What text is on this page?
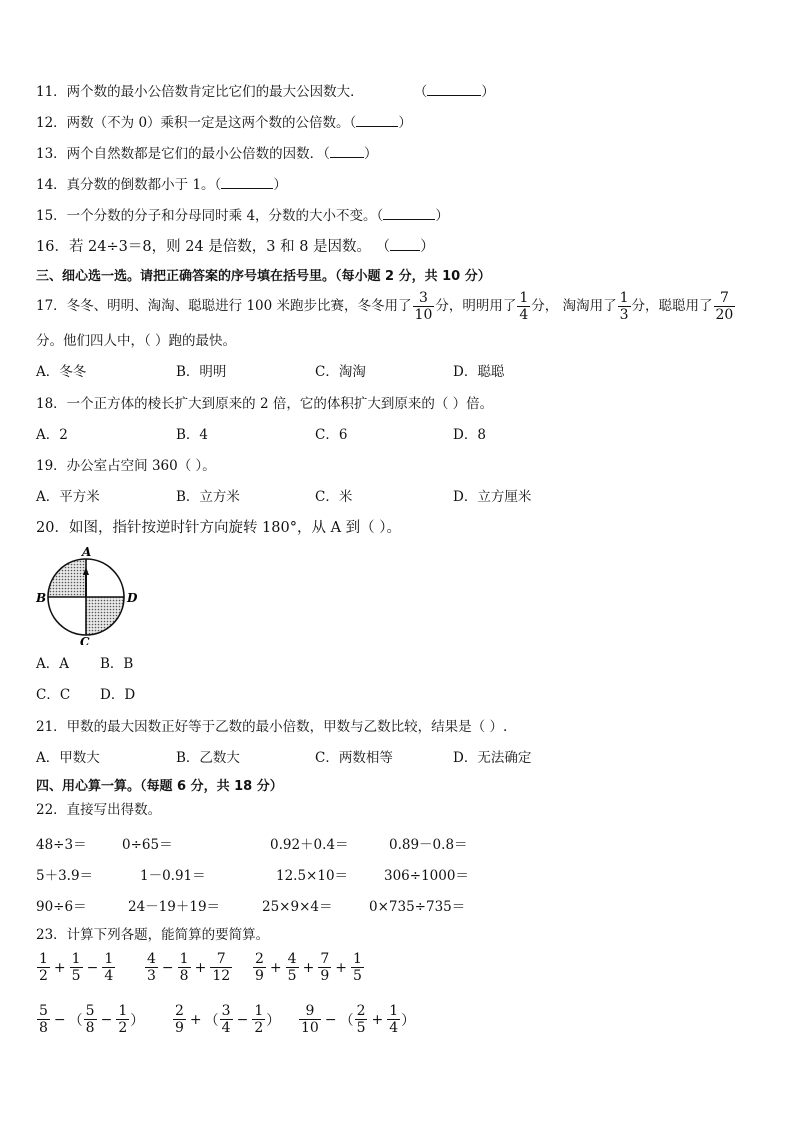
11．两个数的最小公倍数肯定比它们的最大公因数大．	（	）
12．两数（不为 0）乘积一定是这两个数的公倍数。（	）
13．两个自然数都是它们的最小公倍数的因数．（	）
14．真分数的倒数都小于 1。（	）
15．一个分数的分子和分母同时乘 4，分数的大小不变。（	）
16．若 24÷3＝8，则 24 是倍数，3 和 8 是因数。 （ ）
三、细心选一选。请把正确答案的序号填在括号里。（每小题 2 分，共 10 分）
17．冬冬、明明、淘淘、聪聪进行 100 米跑步比赛，冬冬用了 $\frac{3}{10}$ 分，明明用了 $\frac{1}{4}$ 分， 淘淘用了 $\frac{1}{3}$ 分，聪聪用了 $\frac{7}{20}$
分。他们四人中，（ ）跑的最快。
A．冬冬	B．明明	C．淘淘	D．聪聪
18．一个正方体的棱长扩大到原来的 2 倍，它的体积扩大到原来的（ ）倍。
A．2	B．4	C．6	D．8
19．办公室占空间 360（ ）。
A．平方米	B．立方米	C．米	D．立方厘米
20．如图，指针按逆时针方向旋转 180°，从 A 到（ ）。
A
B
C
D
A．A B．B
C．C D．D
21．甲数的最大因数正好等于乙数的最小倍数，甲数与乙数比较，结果是（ ）.
A．甲数大	B．乙数大	C．两数相等	D．无法确定
四、用心算一算。（每题 6 分，共 18 分）
22．直接写出得数。
48÷3＝	0÷65＝	0.92＋0.4＝	0.89－0.8＝
5＋3.9＝	1－0.91＝	12.5×10＝	306÷1000＝
90÷6＝	24－19＋19＝	25×9×4＝	0×735÷735＝
23．计算下列各题，能简算的要简算。
$\frac{1}{2} + \frac{1}{5} - \frac{1}{4} \frac{4}{3} - \frac{1}{8} + \frac{7}{12} \frac{2}{9} + \frac{4}{5} + \frac{7}{9} + \frac{1}{5}$
$\frac{5}{8}$ − （ $\frac{5}{8} - \frac{1}{2}$ ） $\frac{2}{9}$ + （ $\frac{3}{4} - \frac{1}{2}$ ） $\frac{9}{10}$ − （ $\frac{2}{5} + \frac{1}{4}$ ）
